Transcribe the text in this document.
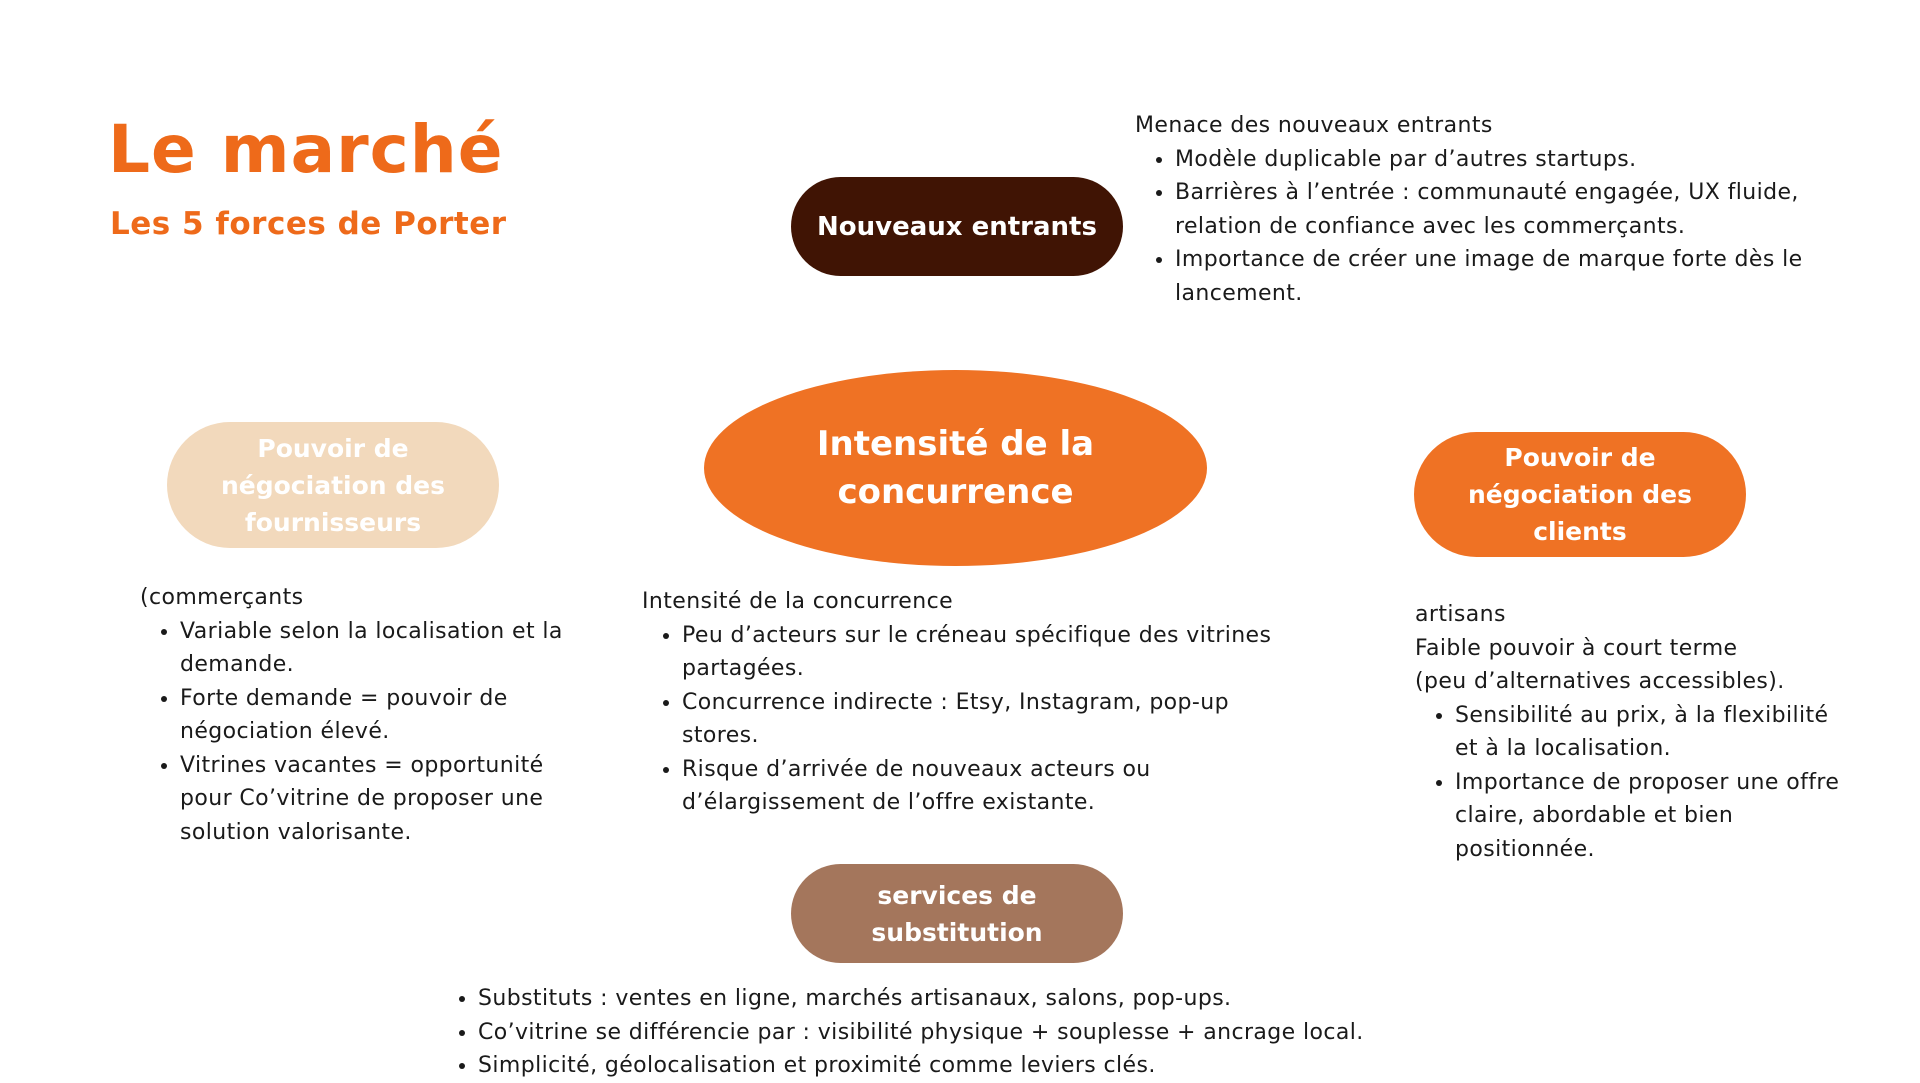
Le marché
Les 5 forces de Porter	Nouveaux entrants
Intensité de la
concurrence
Pouvoir de
négociation des
fournisseurs
Pouvoir de
négociation des
clients
services de
substitution

Menace des nouveaux entrants

• Modèle duplicable par d’autres startups.
• Barrières à l’entrée : communauté engagée, UX fluide, relation de confiance avec les commerçants.
• Importance de créer une image de marque forte dès le lancement.

(commerçants

• Variable selon la localisation et la demande.
• Forte demande = pouvoir de négociation élevé.
• Vitrines vacantes = opportunité pour Co’vitrine de proposer une solution valorisante.

Intensité de la concurrence

• Peu d’acteurs sur le créneau spécifique des vitrines partagées.
• Concurrence indirecte : Etsy, Instagram, pop-up stores.
• Risque d’arrivée de nouveaux acteurs ou d’élargissement de l’offre existante.

artisans

Faible pouvoir à court terme

(peu d’alternatives accessibles).

• Sensibilité au prix, à la flexibilité et à la localisation.
• Importance de proposer une offre claire, abordable et bien positionnée.
• Substituts : ventes en ligne, marchés artisanaux, salons, pop-ups.
• Co’vitrine se différencie par : visibilité physique + souplesse + ancrage local.
• Simplicité, géolocalisation et proximité comme leviers clés.
